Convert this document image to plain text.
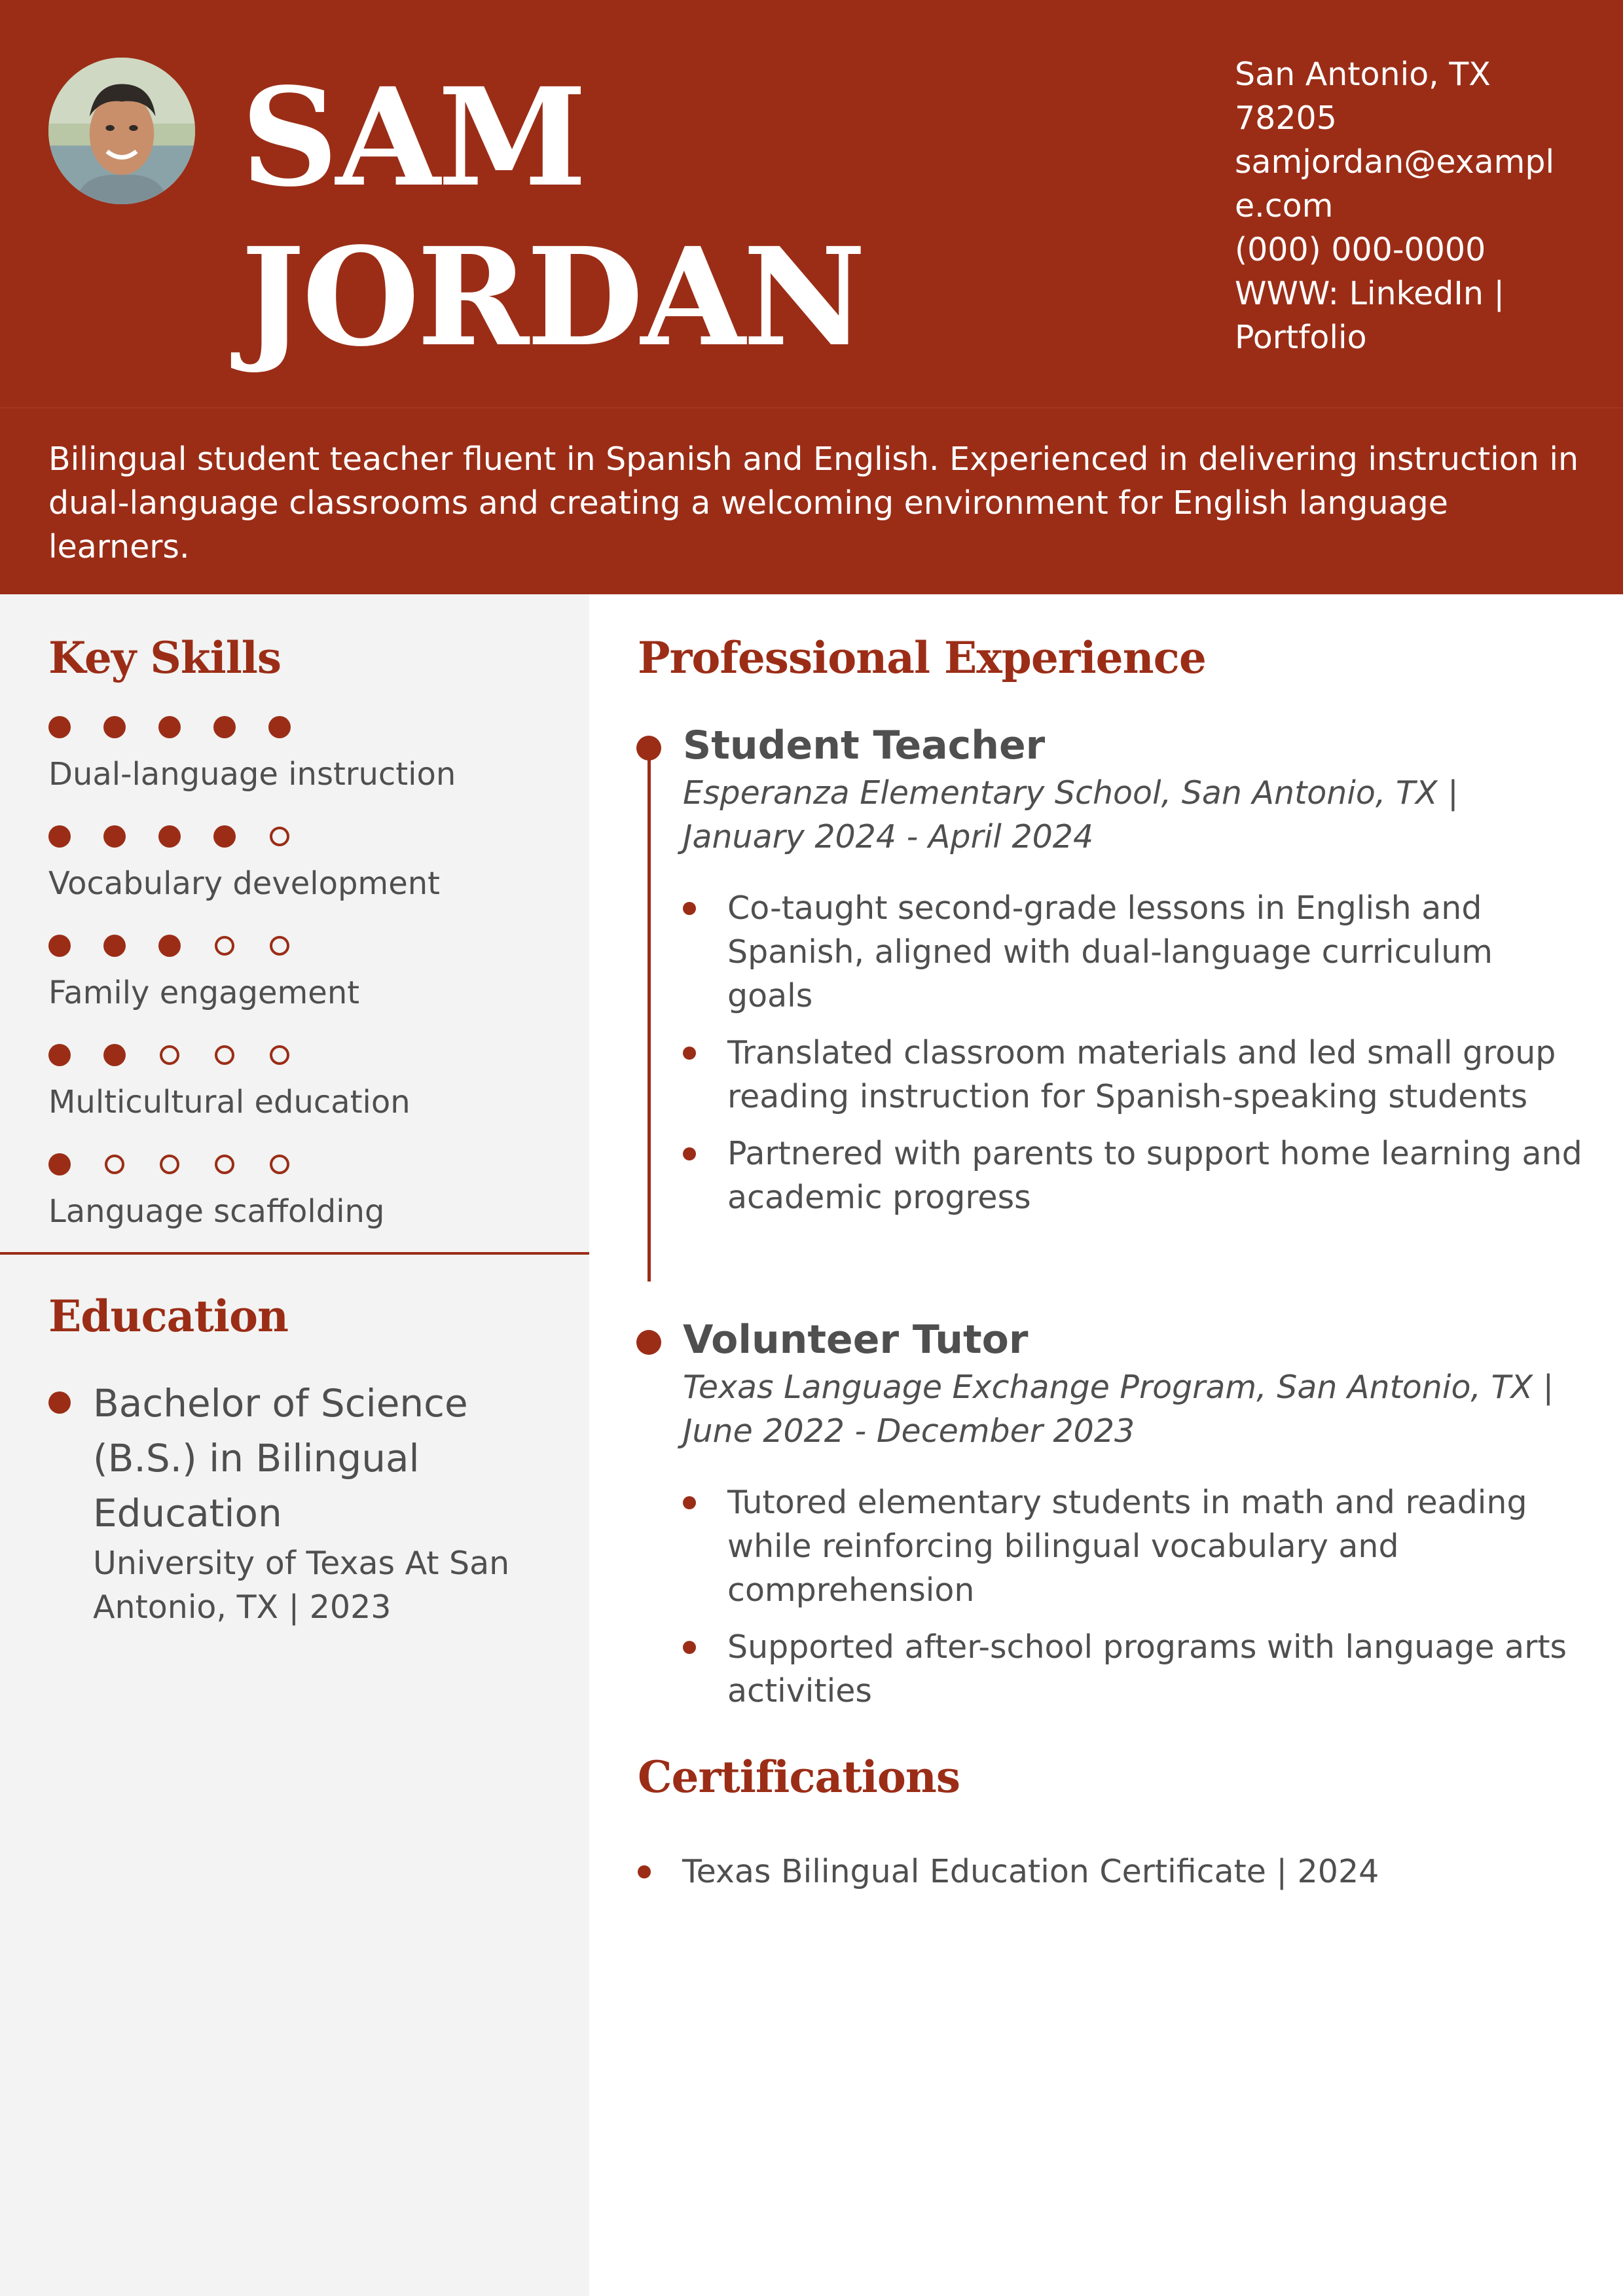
SAM
JORDAN
San Antonio, TX
78205
samjordan@example.com
(000) 000-0000
WWW: LinkedIn |
Portfolio

Bilingual student teacher fluent in Spanish and English. Experienced in delivering instruction in dual-language classrooms and creating a welcoming environment for English language learners.

Key Skills
Dual-language instruction
Vocabulary development
Family engagement
Multicultural education
Language scaffolding
Education
Bachelor of Science (B.S.) in Bilingual Education
University of Texas At San Antonio, TX | 2023
Professional Experience
Student Teacher
Esperanza Elementary School, San Antonio, TX | January 2024 - April 2024
Co-taught second-grade lessons in English and Spanish, aligned with dual-language curriculum goals
Translated classroom materials and led small group reading instruction for Spanish-speaking students
Partnered with parents to support home learning and academic progress
Volunteer Tutor
Texas Language Exchange Program, San Antonio, TX | June 2022 - December 2023
Tutored elementary students in math and reading while reinforcing bilingual vocabulary and comprehension
Supported after-school programs with language arts activities
Certifications
Texas Bilingual Education Certificate | 2024
